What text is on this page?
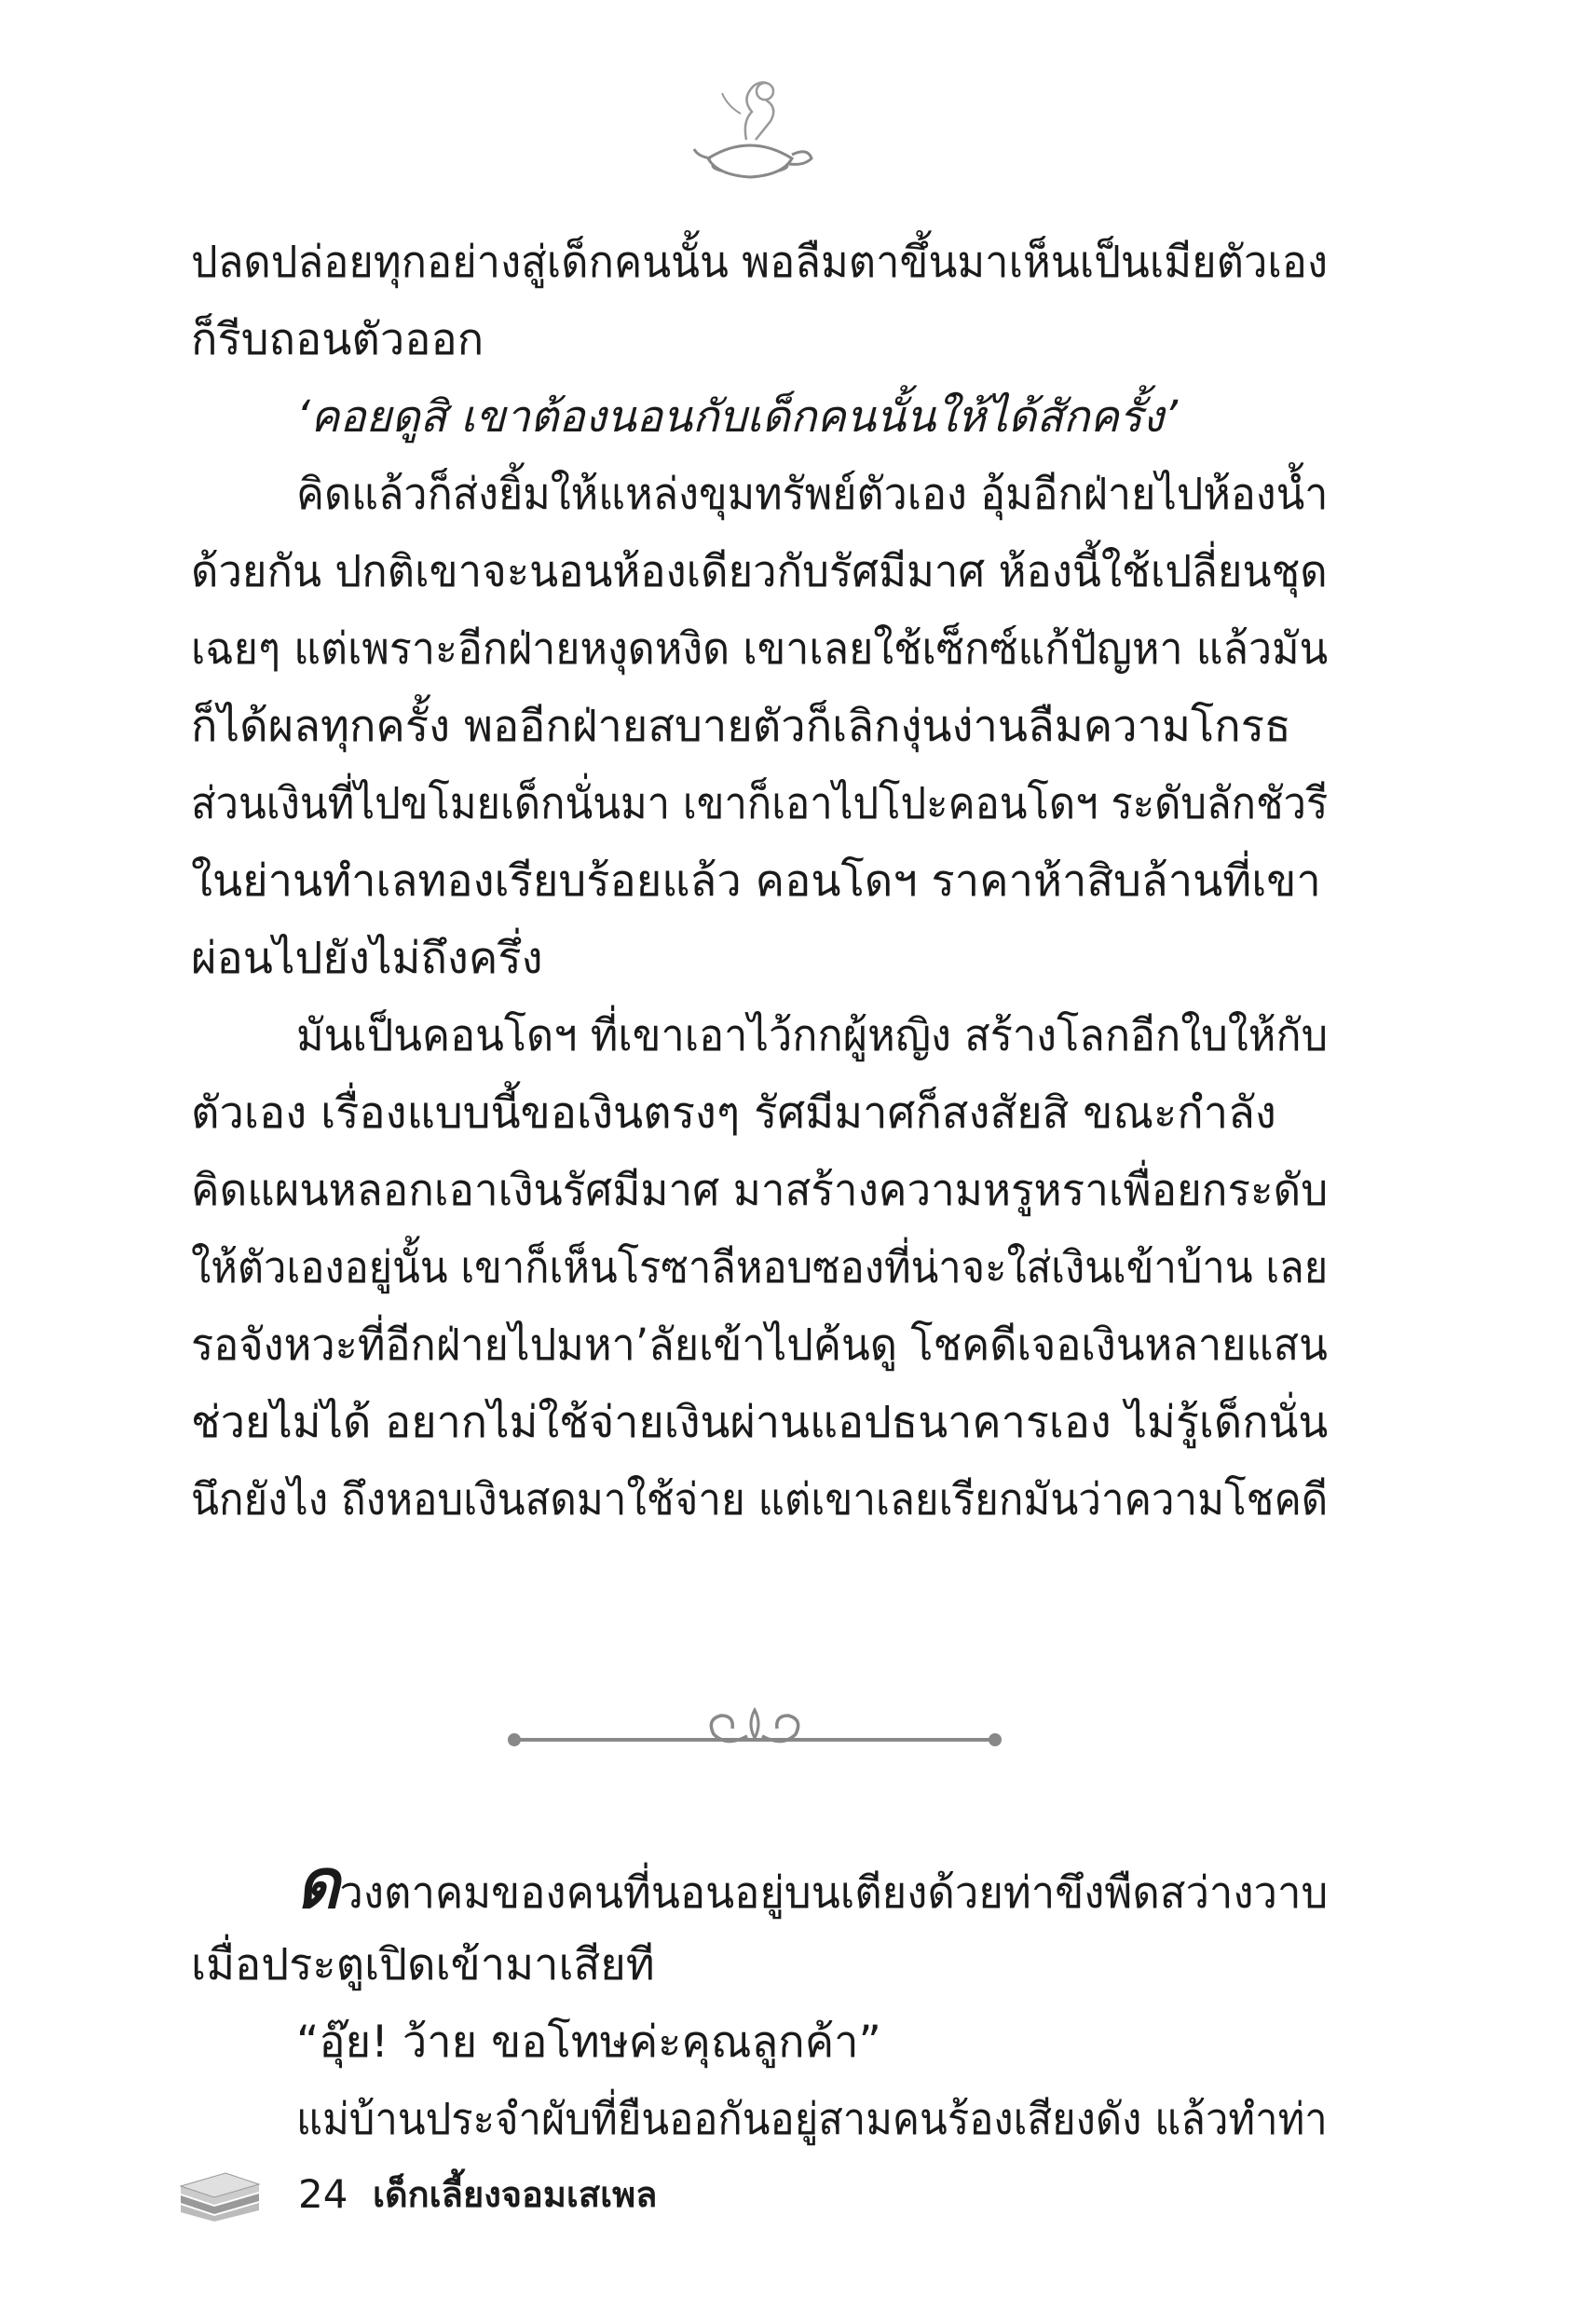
ปลดปล่อยทุกอย่างสู่เด็กคนนั้น พอลืมตาขึ้นมาเห็นเป็นเมียตัวเอง
ก็รีบถอนตัวออก
‘คอยดูสิ เขาต้องนอนกับเด็กคนนั้นให้ได้สักครั้ง’
คิดแล้วก็ส่งยิ้มให้แหล่งขุมทรัพย์ตัวเอง อุ้มอีกฝ่ายไปห้องน้ำ
ด้วยกัน ปกติเขาจะนอนห้องเดียวกับรัศมีมาศ ห้องนี้ใช้เปลี่ยนชุด
เฉยๆ แต่เพราะอีกฝ่ายหงุดหงิด เขาเลยใช้เซ็กซ์แก้ปัญหา แล้วมัน
ก็ได้ผลทุกครั้ง พออีกฝ่ายสบายตัวก็เลิกงุ่นง่านลืมความโกรธ
ส่วนเงินที่ไปขโมยเด็กนั่นมา เขาก็เอาไปโปะคอนโดฯ ระดับลักชัวรี
ในย่านทำเลทองเรียบร้อยแล้ว คอนโดฯ ราคาห้าสิบล้านที่เขา
ผ่อนไปยังไม่ถึงครึ่ง
มันเป็นคอนโดฯ ที่เขาเอาไว้กกผู้หญิง สร้างโลกอีกใบให้กับ
ตัวเอง เรื่องแบบนี้ขอเงินตรงๆ รัศมีมาศก็สงสัยสิ ขณะกำลัง
คิดแผนหลอกเอาเงินรัศมีมาศ มาสร้างความหรูหราเพื่อยกระดับ
ให้ตัวเองอยู่นั้น เขาก็เห็นโรซาลีหอบซองที่น่าจะใส่เงินเข้าบ้าน เลย
รอจังหวะที่อีกฝ่ายไปมหา’ลัยเข้าไปค้นดู โชคดีเจอเงินหลายแสน
ช่วยไม่ได้ อยากไม่ใช้จ่ายเงินผ่านแอปธนาคารเอง ไม่รู้เด็กนั่น
นึกยังไง ถึงหอบเงินสดมาใช้จ่าย แต่เขาเลยเรียกมันว่าความโชคดี
ดวงตาคมของคนที่นอนอยู่บนเตียงด้วยท่าขึงพืดสว่างวาบ
เมื่อประตูเปิดเข้ามาเสียที
“อุ๊ย! ว้าย ขอโทษค่ะคุณลูกค้า”
แม่บ้านประจำผับที่ยืนออกันอยู่สามคนร้องเสียงดัง แล้วทำท่า
24 เด็กเลี้ยงจอมเสเพล
